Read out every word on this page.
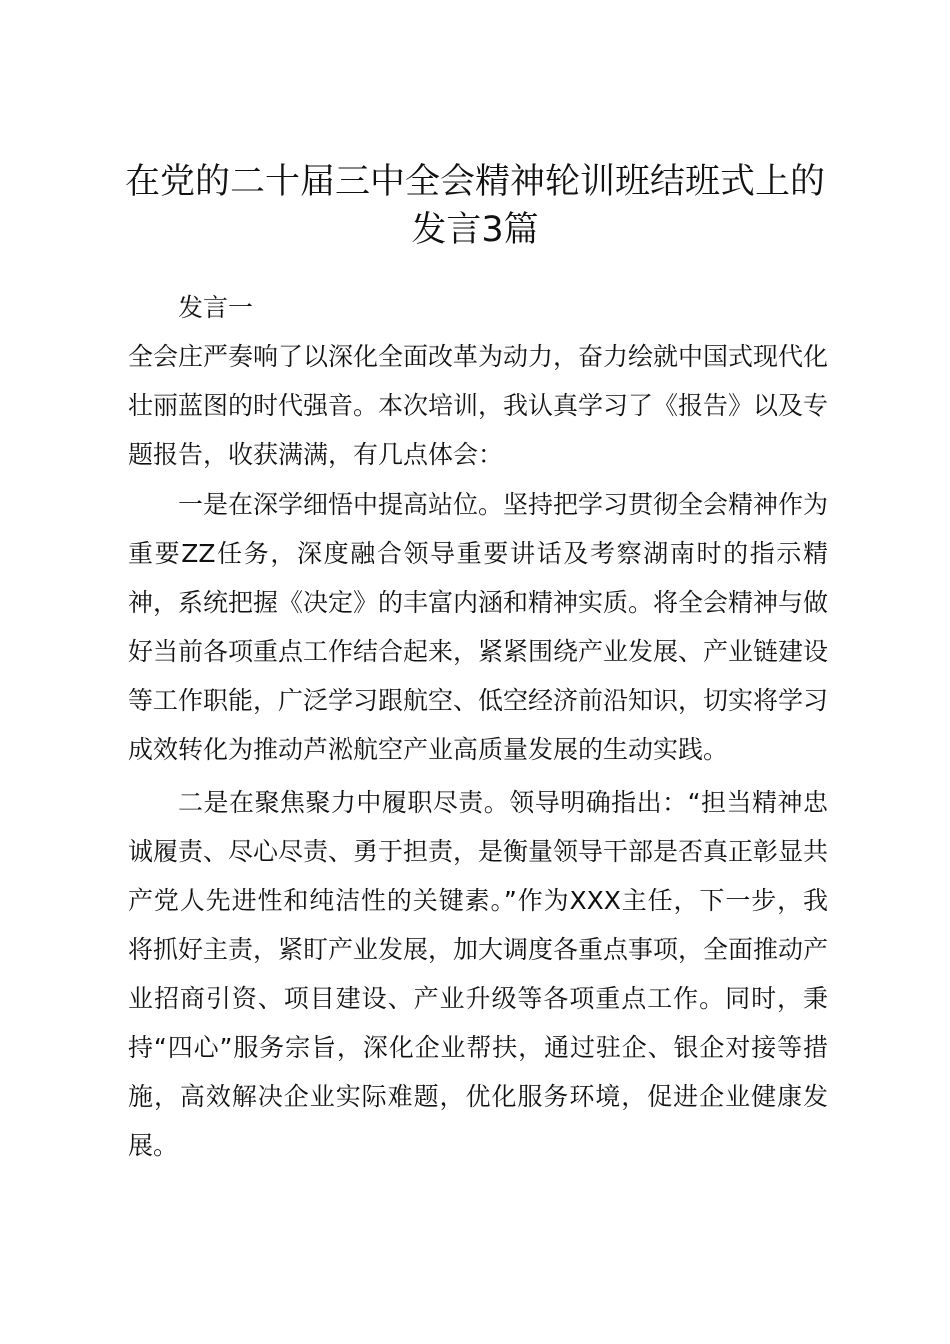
在党的二十届三中全会精神轮训班结班式上的发言3篇

发言一

全会庄严奏响了以深化全面改革为动力，奋力绘就中国式现代化壮丽蓝图的时代强音。本次培训，我认真学习了《报告》以及专题报告，收获满满，有几点体会：

一是在深学细悟中提高站位。坚持把学习贯彻全会精神作为重要ZZ任务，深度融合领导重要讲话及考察湖南时的指示精神，系统把握《决定》的丰富内涵和精神实质。将全会精神与做好当前各项重点工作结合起来，紧紧围绕产业发展、产业链建设等工作职能，广泛学习跟航空、低空经济前沿知识，切实将学习成效转化为推动芦淞航空产业高质量发展的生动实践。

二是在聚焦聚力中履职尽责。领导明确指出：“担当精神忠诚履责、尽心尽责、勇于担责，是衡量领导干部是否真正彰显共产党人先进性和纯洁性的关键素。”作为XXX主任，下一步，我将抓好主责，紧盯产业发展，加大调度各重点事项，全面推动产业招商引资、项目建设、产业升级等各项重点工作。同时，秉持“四心”服务宗旨，深化企业帮扶，通过驻企、银企对接等措施，高效解决企业实际难题，优化服务环境，促进企业健康发展。
